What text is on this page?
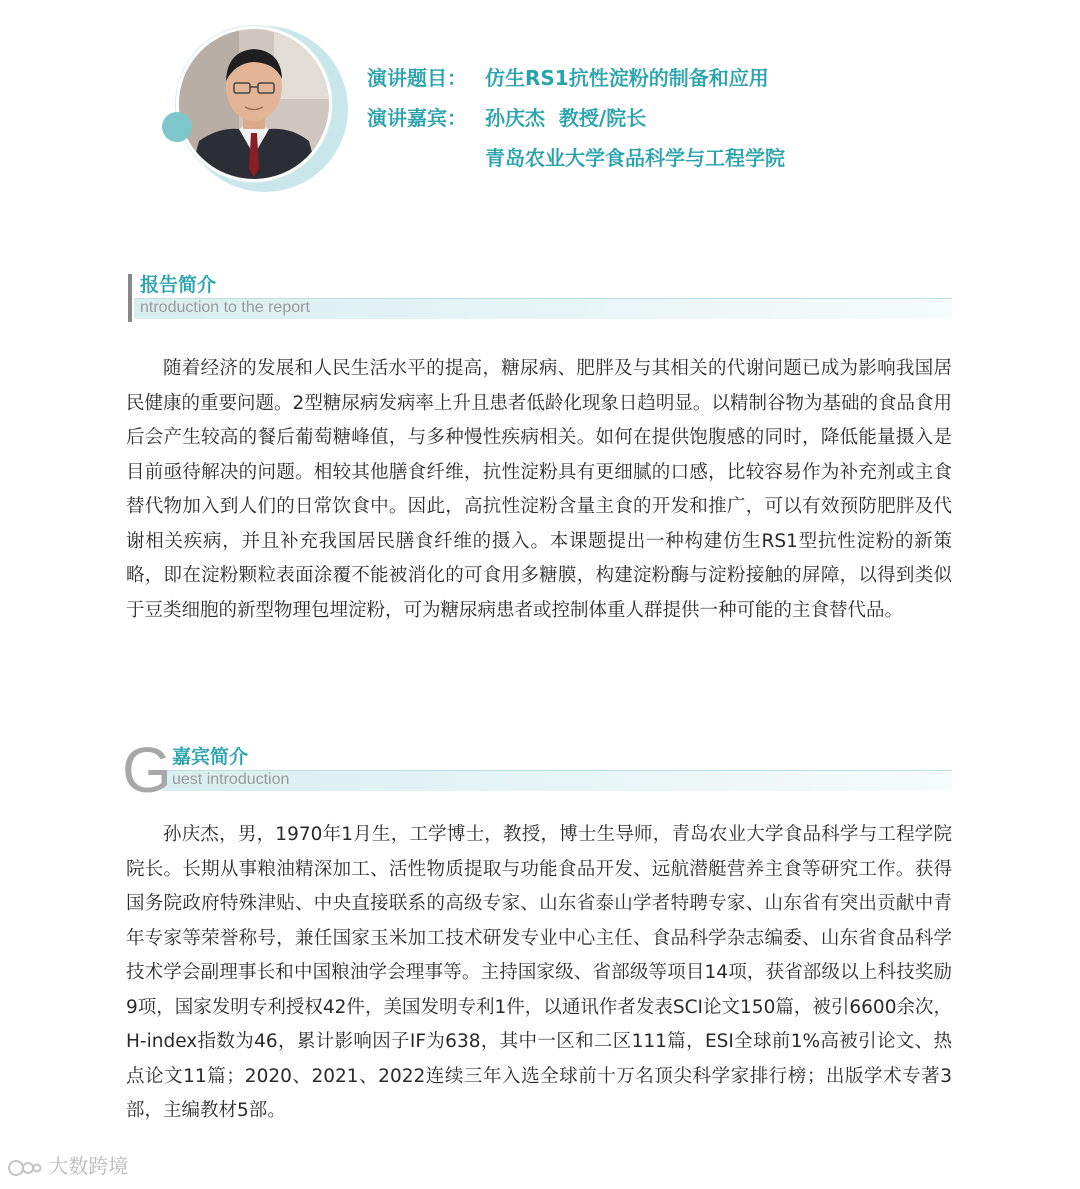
演讲题目： 仿生RS1抗性淀粉的制备和应用
演讲嘉宾： 孙庆杰  教授/院长
青岛农业大学食品科学与工程学院
报告简介
ntroduction to the report
随着经济的发展和人民生活水平的提高，糖尿病、肥胖及与其相关的代谢问题已成为影响我国居民健康的重要问题。2型糖尿病发病率上升且患者低龄化现象日趋明显。以精制谷物为基础的食品食用后会产生较高的餐后葡萄糖峰值，与多种慢性疾病相关。如何在提供饱腹感的同时，降低能量摄入是目前亟待解决的问题。相较其他膳食纤维，抗性淀粉具有更细腻的口感，比较容易作为补充剂或主食替代物加入到人们的日常饮食中。因此，高抗性淀粉含量主食的开发和推广，可以有效预防肥胖及代谢相关疾病，并且补充我国居民膳食纤维的摄入。本课题提出一种构建仿生RS1型抗性淀粉的新策略，即在淀粉颗粒表面涂覆不能被消化的可食用多糖膜，构建淀粉酶与淀粉接触的屏障，以得到类似于豆类细胞的新型物理包埋淀粉，可为糖尿病患者或控制体重人群提供一种可能的主食替代品。
G 嘉宾简介
uest introduction
孙庆杰，男，1970年1月生，工学博士，教授，博士生导师，青岛农业大学食品科学与工程学院院长。长期从事粮油精深加工、活性物质提取与功能食品开发、远航潜艇营养主食等研究工作。获得国务院政府特殊津贴、中央直接联系的高级专家、山东省泰山学者特聘专家、山东省有突出贡献中青年专家等荣誉称号，兼任国家玉米加工技术研发专业中心主任、食品科学杂志编委、山东省食品科学技术学会副理事长和中国粮油学会理事等。主持国家级、省部级等项目14项，获省部级以上科技奖励9项，国家发明专利授权42件，美国发明专利1件，以通讯作者发表SCI论文150篇，被引6600余次，H-index指数为46，累计影响因子IF为638，其中一区和二区111篇，ESI全球前1%高被引论文、热点论文11篇；2020、2021、2022连续三年入选全球前十万名顶尖科学家排行榜；出版学术专著3部，主编教材5部。
大数跨境
